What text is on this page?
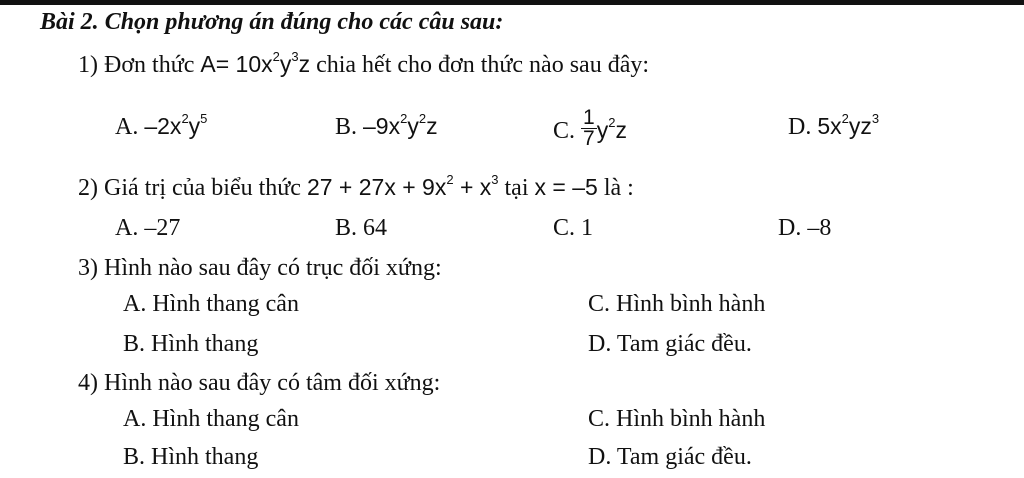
Bài 2. Chọn phương án đúng cho các câu sau:
1) Đơn thức $A= 10x^2y^3z$ chia hết cho đơn thức nào sau đây:
A. $-2x^2y^5$	B. $-9x^2y^2z$	C. $\frac{1}{7} y^2z$	D. $5x^2yz^3$
2) Giá trị của biểu thức $27 + 27x + 9x^2 + x^3$ tại x = –5 là :
A. –27	B. 64	C. 1	D. –8
3) Hình nào sau đây có trục đối xứng:
A. Hình thang cân	C. Hình bình hành
B. Hình thang	D. Tam giác đều.
4) Hình nào sau đây có tâm đối xứng:
A. Hình thang cân	C. Hình bình hành
B. Hình thang	D. Tam giác đều.
